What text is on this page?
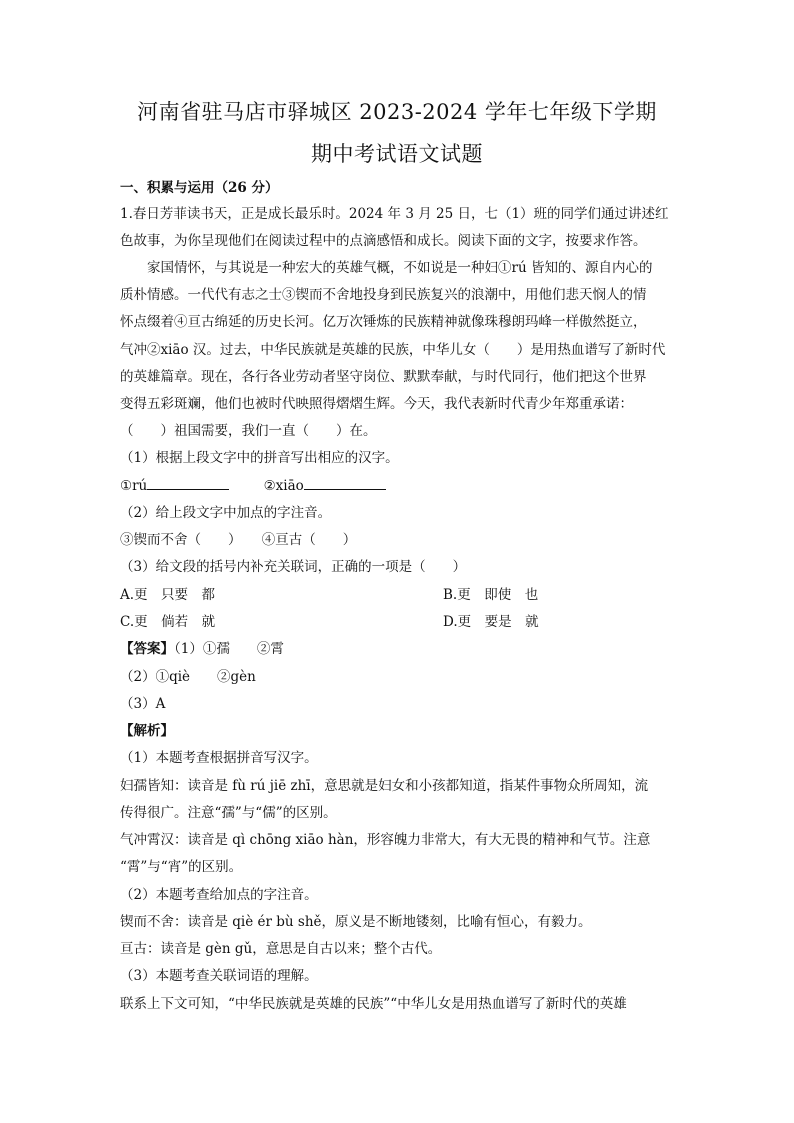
河南省驻马店市驿城区 2023-2024 学年七年级下学期
期中考试语文试题
一、积累与运用（26 分）
1.春日芳菲读书天，正是成长最乐时。2024 年 3 月 25 日，七（1）班的同学们通过讲述红
色故事，为你呈现他们在阅读过程中的点滴感悟和成长。阅读下面的文字，按要求作答。
家国情怀，与其说是一种宏大的英雄气概，不如说是一种妇①rú 皆知的、源自内心的
质朴情感。一代代有志之士③锲而不舍地投身到民族复兴的浪潮中，用他们悲天悯人的情
怀点缀着④亘古绵延的历史长河。亿万次锤炼的民族精神就像珠穆朗玛峰一样傲然挺立，
气冲②xiāo 汉。过去，中华民族就是英雄的民族，中华儿女（　　）是用热血谱写了新时代
的英雄篇章。现在，各行各业劳动者坚守岗位、默默奉献，与时代同行，他们把这个世界
变得五彩斑斓，他们也被时代映照得熠熠生辉。今天，我代表新时代青少年郑重承诺：
（　　）祖国需要，我们一直（　　）在。
（1）根据上段文字中的拼音写出相应的汉字。
①rú	②xiāo
（2）给上段文字中加点的字注音。
③锲而不舍（　　）　　④亘古（　　）
（3）给文段的括号内补充关联词，正确的一项是（　　）
A.更　只要　都	B.更　即使　也
C.更　倘若　就	D.更　要是　就
【答案】（1）①孺　　②霄
（2）①qiè　　②gèn
（3）A
【解析】
（1）本题考查根据拼音写汉字。
妇孺皆知：读音是 fù rú jiē zhī，意思就是妇女和小孩都知道，指某件事物众所周知，流
传得很广。注意“孺”与“儒”的区别。
气冲霄汉：读音是 qì chōng xiāo hàn，形容魄力非常大，有大无畏的精神和气节。注意
“霄”与“宵”的区别。
（2）本题考查给加点的字注音。
锲而不舍：读音是 qiè ér bù shě，原义是不断地镂刻，比喻有恒心，有毅力。
亘古：读音是 gèn gǔ，意思是自古以来；整个古代。
（3）本题考查关联词语的理解。
联系上下文可知，“中华民族就是英雄的民族”“中华儿女是用热血谱写了新时代的英雄
